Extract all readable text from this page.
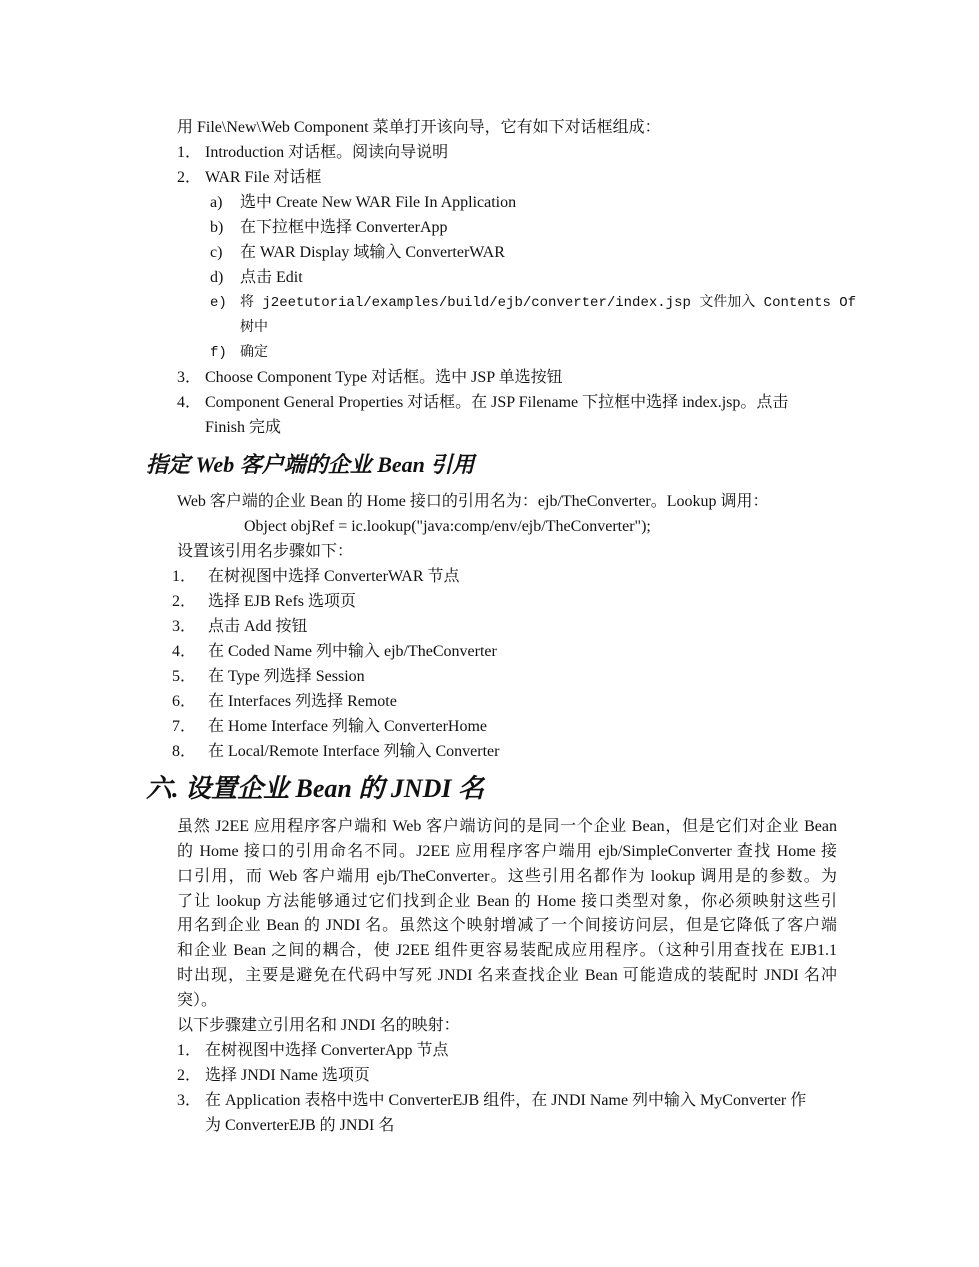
用 File\New\Web Component 菜单打开该向导，它有如下对话框组成：
1． Introduction 对话框。阅读向导说明
2． WAR File 对话框
a) 选中 Create New WAR File In Application
b) 在下拉框中选择 ConverterApp
c) 在 WAR Display 域输入 ConverterWAR
d) 点击 Edit
e) 将 j2eetutorial/examples/build/ejb/converter/index.jsp 文件加入 Contents Of
树中
f) 确定
3． Choose Component Type 对话框。选中 JSP 单选按钮
4． Component General Properties 对话框。在 JSP Filename 下拉框中选择 index.jsp。点击
Finish 完成
指定 Web 客户端的企业 Bean 引用
Web 客户端的企业 Bean 的 Home 接口的引用名为：ejb/TheConverter。Lookup 调用：
Object objRef = ic.lookup("java:comp/env/ejb/TheConverter");
设置该引用名步骤如下：
1． 在树视图中选择 ConverterWAR 节点
2． 选择 EJB Refs 选项页
3． 点击 Add 按钮
4． 在 Coded Name 列中输入 ejb/TheConverter
5． 在 Type 列选择 Session
6． 在 Interfaces 列选择 Remote
7． 在 Home Interface 列输入 ConverterHome
8． 在 Local/Remote Interface 列输入 Converter
六. 设置企业 Bean 的 JNDI 名
虽然 J2EE 应用程序客户端和 Web 客户端访问的是同一个企业 Bean，但是它们对企业 Bean
的 Home 接口的引用命名不同。J2EE 应用程序客户端用 ejb/SimpleConverter 查找 Home 接
口引用，而 Web 客户端用 ejb/TheConverter。这些引用名都作为 lookup 调用是的参数。为
了让 lookup 方法能够通过它们找到企业 Bean 的 Home 接口类型对象，你必须映射这些引
用名到企业 Bean 的 JNDI 名。虽然这个映射增减了一个间接访问层，但是它降低了客户端
和企业 Bean 之间的耦合，使 J2EE 组件更容易装配成应用程序。（这种引用查找在 EJB1.1
时出现，主要是避免在代码中写死 JNDI 名来查找企业 Bean 可能造成的装配时 JNDI 名冲
突）。
以下步骤建立引用名和 JNDI 名的映射：
1． 在树视图中选择 ConverterApp 节点
2． 选择 JNDI Name 选项页
3． 在 Application 表格中选中 ConverterEJB 组件，在 JNDI Name 列中输入 MyConverter 作
为 ConverterEJB 的 JNDI 名
